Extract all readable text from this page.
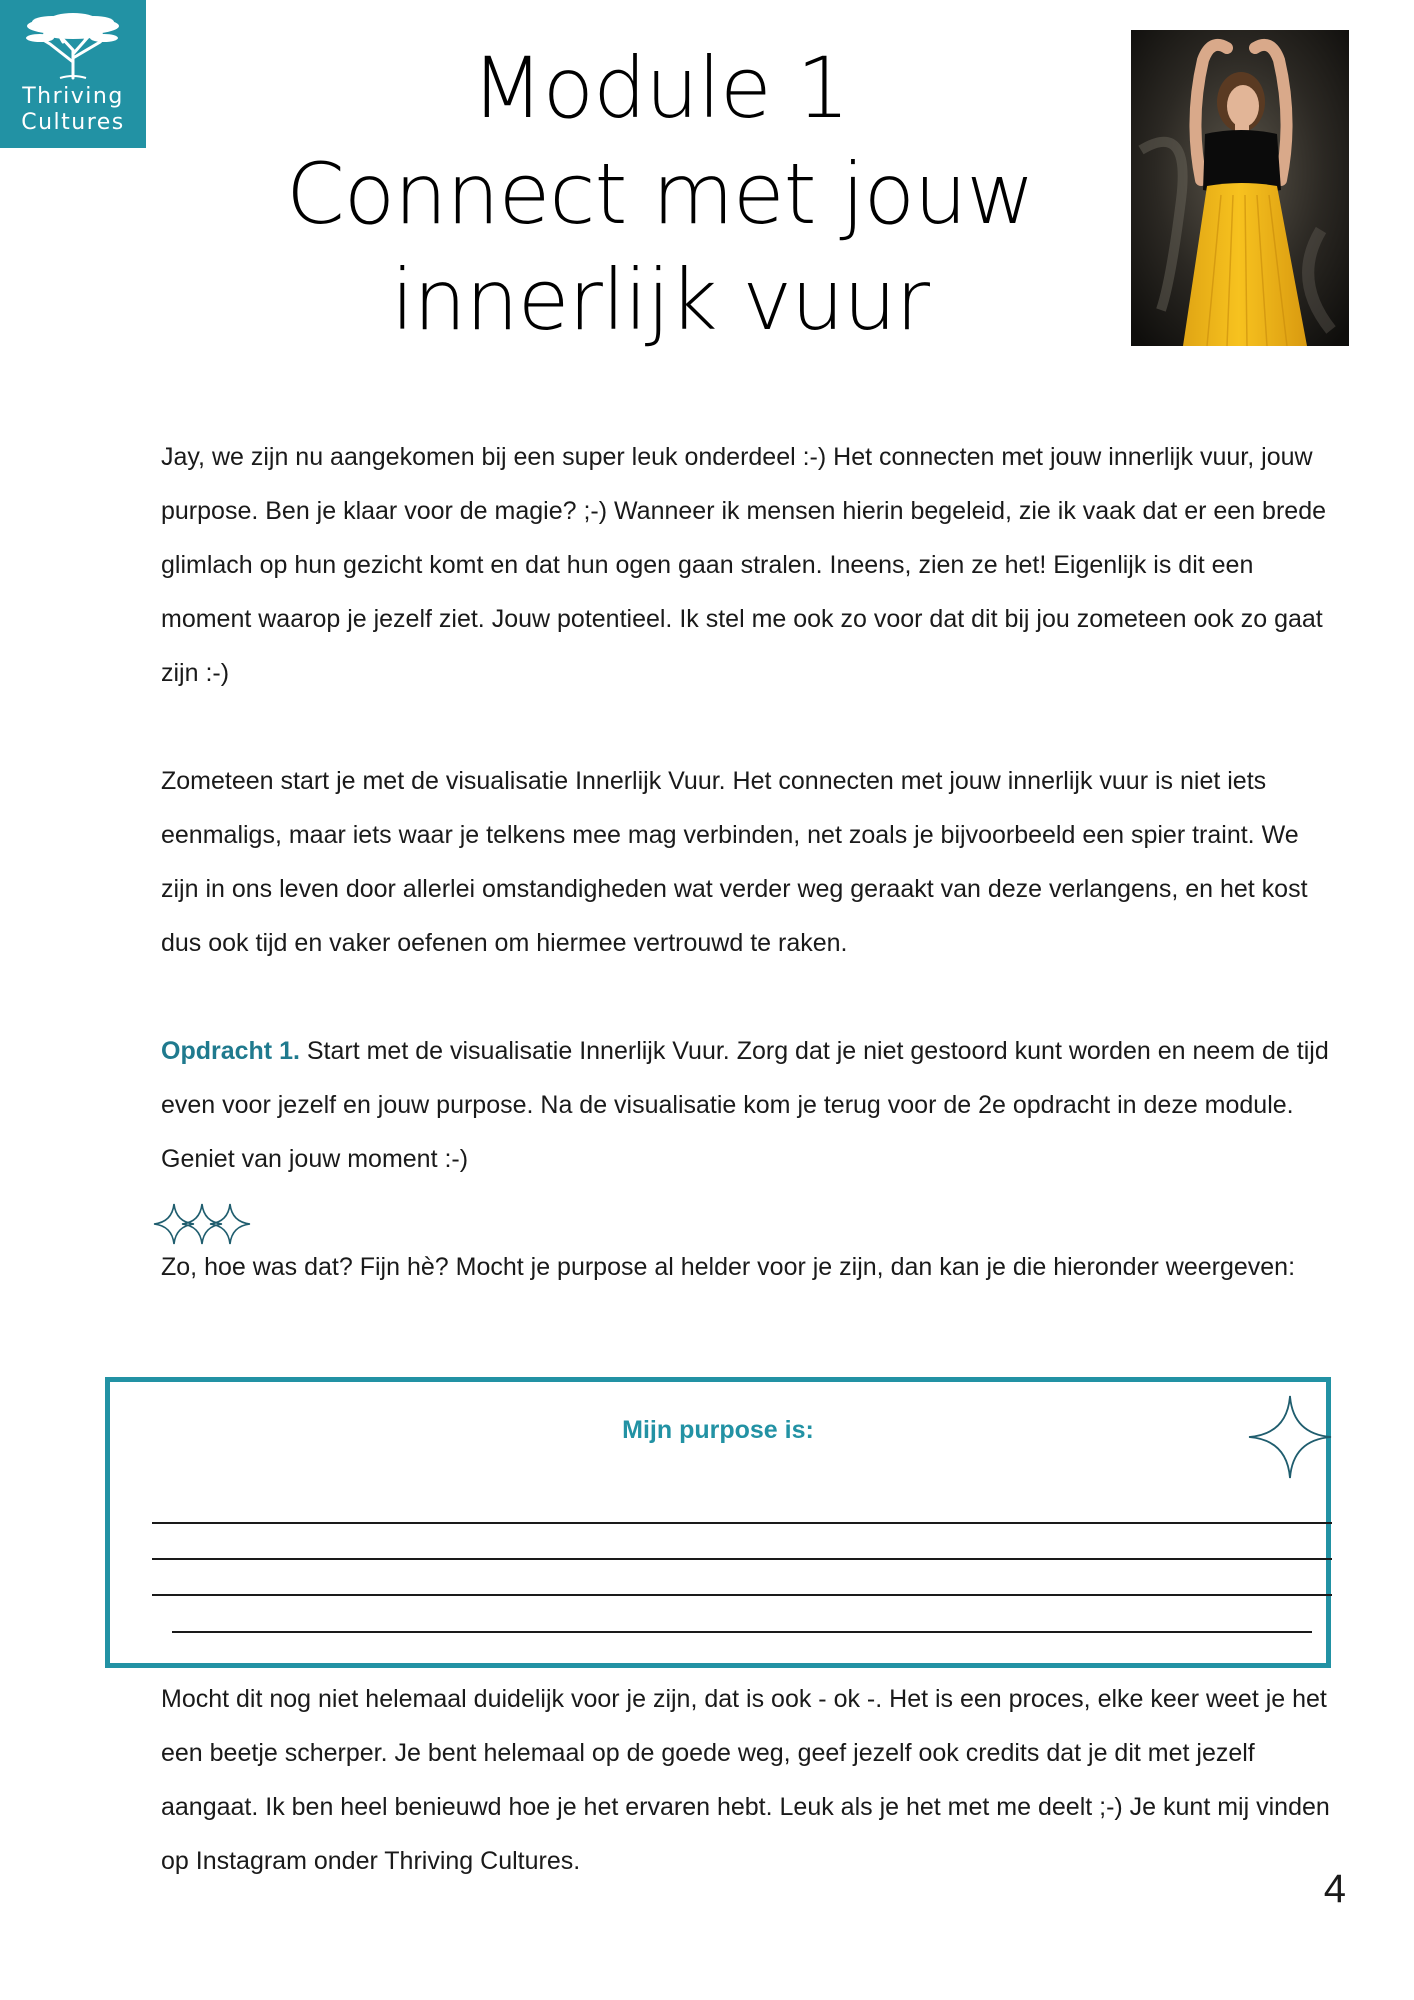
Thriving
Cultures	Module 1
Connect met jouw
innerlijk vuur

Jay, we zijn nu aangekomen bij een super leuk onderdeel :-) Het connecten met jouw innerlijk vuur, jouw purpose. Ben je klaar voor de magie? ;-) Wanneer ik mensen hierin begeleid, zie ik vaak dat er een brede glimlach op hun gezicht komt en dat hun ogen gaan stralen. Ineens, zien ze het! Eigenlijk is dit een moment waarop je jezelf ziet. Jouw potentieel. Ik stel me ook zo voor dat dit bij jou zometeen ook zo gaat zijn :-)

Zometeen start je met de visualisatie Innerlijk Vuur. Het connecten met jouw innerlijk vuur is niet iets eenmaligs, maar iets waar je telkens mee mag verbinden, net zoals je bijvoorbeeld een spier traint. We zijn in ons leven door allerlei omstandigheden wat verder weg geraakt van deze verlangens, en het kost dus ook tijd en vaker oefenen om hiermee vertrouwd te raken.

Opdracht 1. Start met de visualisatie Innerlijk Vuur. Zorg dat je niet gestoord kunt worden en neem de tijd even voor jezelf en jouw purpose. Na de visualisatie kom je terug voor de 2e opdracht in deze module. Geniet van jouw moment :-)

Zo, hoe was dat? Fijn hè? Mocht je purpose al helder voor je zijn, dan kan je die hieronder weergeven:

Mijn purpose is:

Mocht dit nog niet helemaal duidelijk voor je zijn, dat is ook - ok -. Het is een proces, elke keer weet je het een beetje scherper. Je bent helemaal op de goede weg, geef jezelf ook credits dat je dit met jezelf aangaat. Ik ben heel benieuwd hoe je het ervaren hebt. Leuk als je het met me deelt ;-) Je kunt mij vinden op Instagram onder Thriving Cultures.

4
